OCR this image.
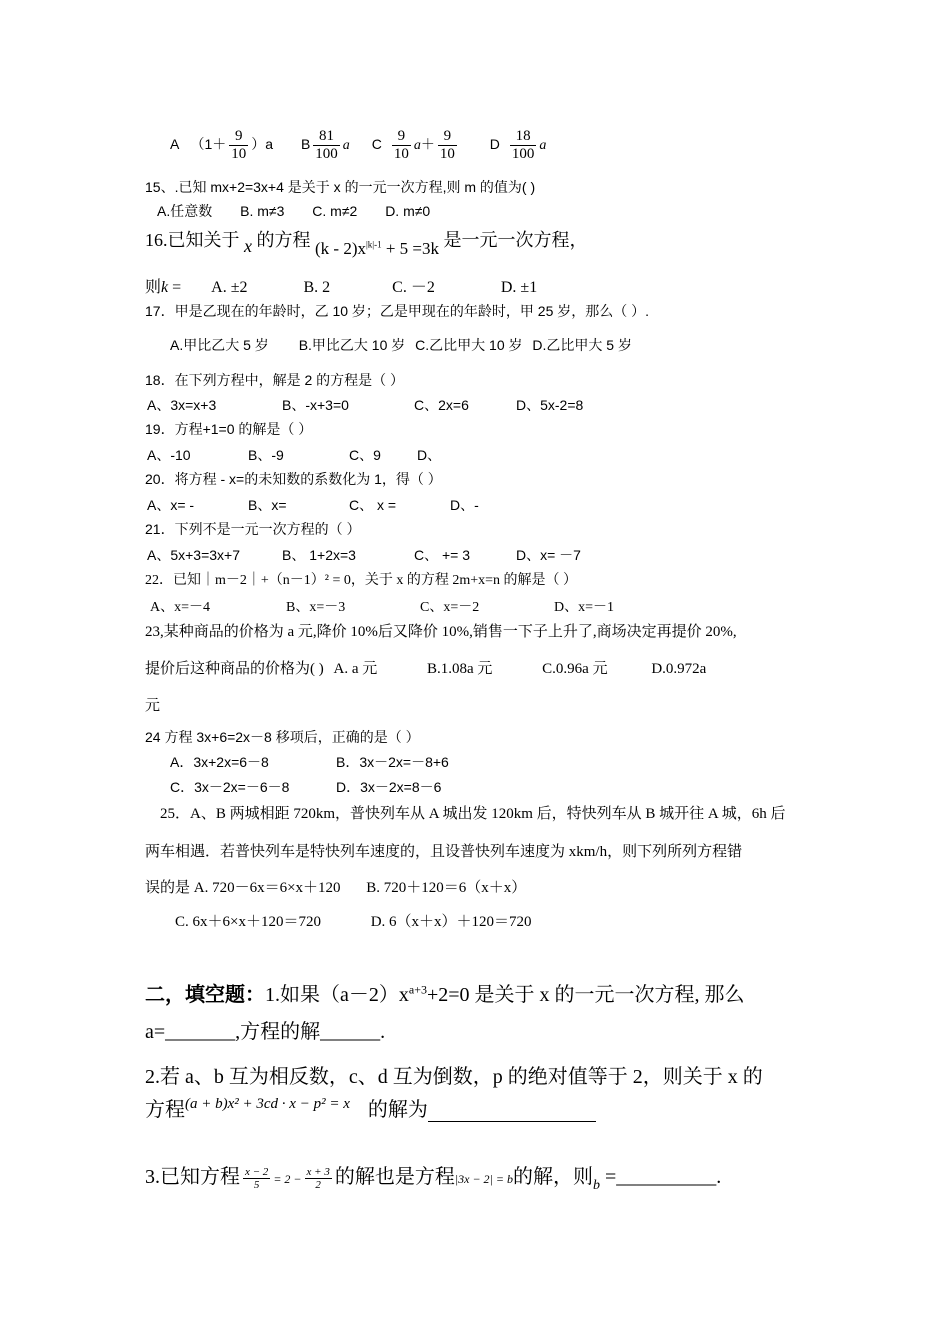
A $(1+ \frac{9}{10} )a$ B $\frac{81}{100}$ a C $\frac{9}{10} a+ \frac{9}{10}$ D $\frac{18}{100}$ a
15、.已知 mx+2=3x+4 是关于 x 的一元一次方程,则 m 的值为( )
A.任意数 B. m≠3 C. m≠2 D. m≠0
16.已知关于 x 的方程 $(k - 2)x^{|k|-1} + 5 =3k$ 是一元一次方程，
则k = A. ±2	B. 2	C. －2	D. ±1
17．甲是乙现在的年龄时，乙 10 岁；乙是甲现在的年龄时，甲 25 岁，那么（ ）.
A.甲比乙大 5 岁 B.甲比乙大 10 岁 C.乙比甲大 10 岁 D.乙比甲大 5 岁
18．在下列方程中，解是 2 的方程是（ ）
A、3x=x+3	B、-x+3=0	C、2x=6	D、5x-2=8
19．方程+1=0 的解是（ ）
A、-10	B、-9	C、9	D、
20．将方程 - x=的未知数的系数化为 1，得（ ）
A、x= -	B、x=	C、 x =	D、-
21．下列不是一元一次方程的（ ）
A、5x+3=3x+7	B、 1+2x=3	C、 += 3	D、x= －7
22．已知｜m－2｜+（n－1）² = 0，关于 x 的方程 2m+x=n 的解是（ ）
A、x=－4	B、x=－3	C、x=－2	D、x=－1
23,某种商品的价格为 a 元,降价 10%后又降价 10%,销售一下子上升了,商场决定再提价 20%,
提价后这种商品的价格为( ) A. a 元	B.1.08a 元	C.0.96a 元	D.0.972a
元
24 方程 3x+6=2x－8 移项后，正确的是（ ）
A．3x+2x=6－8	B．3x－2x=－8+6
C．3x－2x=－6－8	D．3x－2x=8－6
25．A、B 两城相距 720km，普快列车从 A 城出发 120km 后，特快列车从 B 城开往 A 城，6h 后
两车相遇．若普快列车是特快列车速度的，且设普快列车速度为 xkm/h，则下列所列方程错
误的是 A. 720－6x＝6×x＋120 B. 720＋120＝6（x＋x）
C. 6x＋6×x＋120＝720	D. 6（x＋x）＋120＝720
二，填空题：1.如果$(a-2)x^{a+3}+2=0$ 是关于 x 的一元一次方程, 那么
a=_______,方程的解______.
2.若 a、b 互为相反数，c、d 互为倒数，p 的绝对值等于 2，则关于 x 的
方程$^{(a + b)x^2 + 3cd \cdot x - p^2 = x}$ 的解为
3.已知方程 $\frac{x - 2}{5} = 2 - \frac{x + 3}{2}$ 的解也是方程|3x − 2| = b的解，则$_b$ =__________.
